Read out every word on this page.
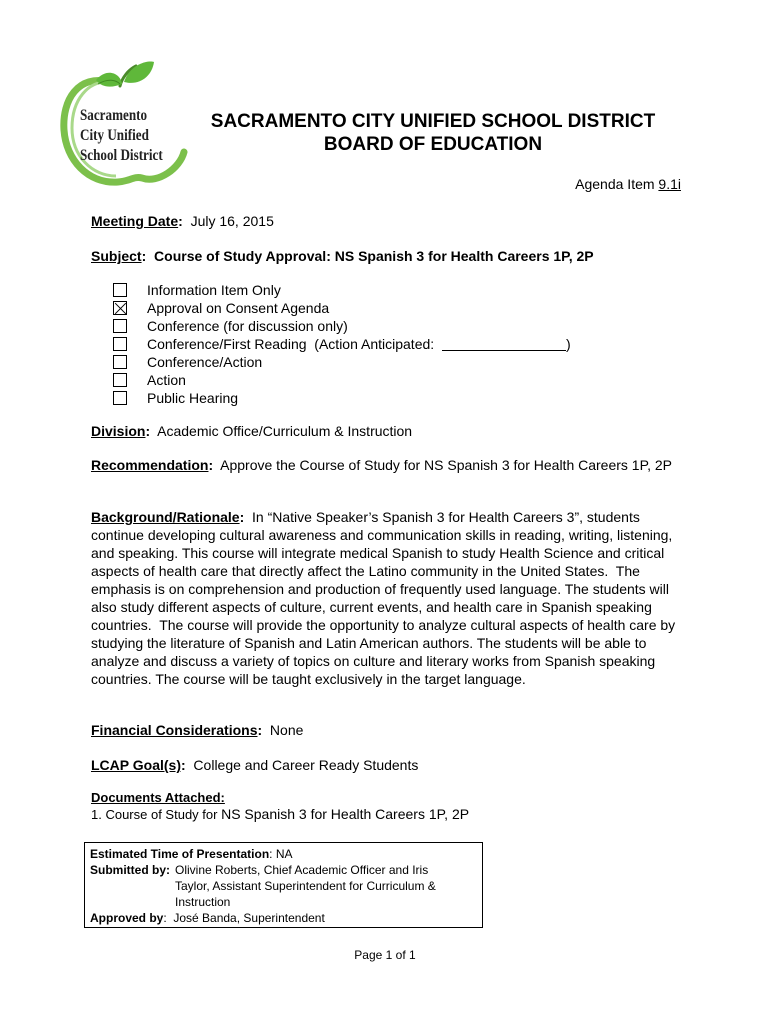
Sacramento
City Unified
School District
SACRAMENTO CITY UNIFIED SCHOOL DISTRICT
BOARD OF EDUCATION
Agenda Item 9.1i
Meeting Date:  July 16, 2015
Subject:  Course of Study Approval: NS Spanish 3 for Health Careers 1P, 2P
Information Item Only
Approval on Consent Agenda
Conference (for discussion only)
Conference/First Reading  (Action Anticipated:	)
Conference/Action
Action
Public Hearing
Division:  Academic Office/Curriculum & Instruction
Recommendation:  Approve the Course of Study for NS Spanish 3 for Health Careers 1P, 2P
Background/Rationale:  In “Native Speaker’s Spanish 3 for Health Careers 3”, students continue developing cultural awareness and communication skills in reading, writing, listening, and speaking. This course will integrate medical Spanish to study Health Science and critical aspects of health care that directly affect the Latino community in the United States.  The emphasis is on comprehension and production of frequently used language. The students will also study different aspects of culture, current events, and health care in Spanish speaking countries.  The course will provide the opportunity to analyze cultural aspects of health care by studying the literature of Spanish and Latin American authors. The students will be able to analyze and discuss a variety of topics on culture and literary works from Spanish speaking countries. The course will be taught exclusively in the target language.
Financial Considerations:  None
LCAP Goal(s):  College and Career Ready Students
Documents Attached:
1. Course of Study for NS Spanish 3 for Health Careers 1P, 2P
Estimated Time of Presentation : NA
Submitted by: Olivine Roberts, Chief Academic Officer and Iris Taylor, Assistant Superintendent for Curriculum & Instruction
Approved by :  José Banda, Superintendent
Page 1 of 1
